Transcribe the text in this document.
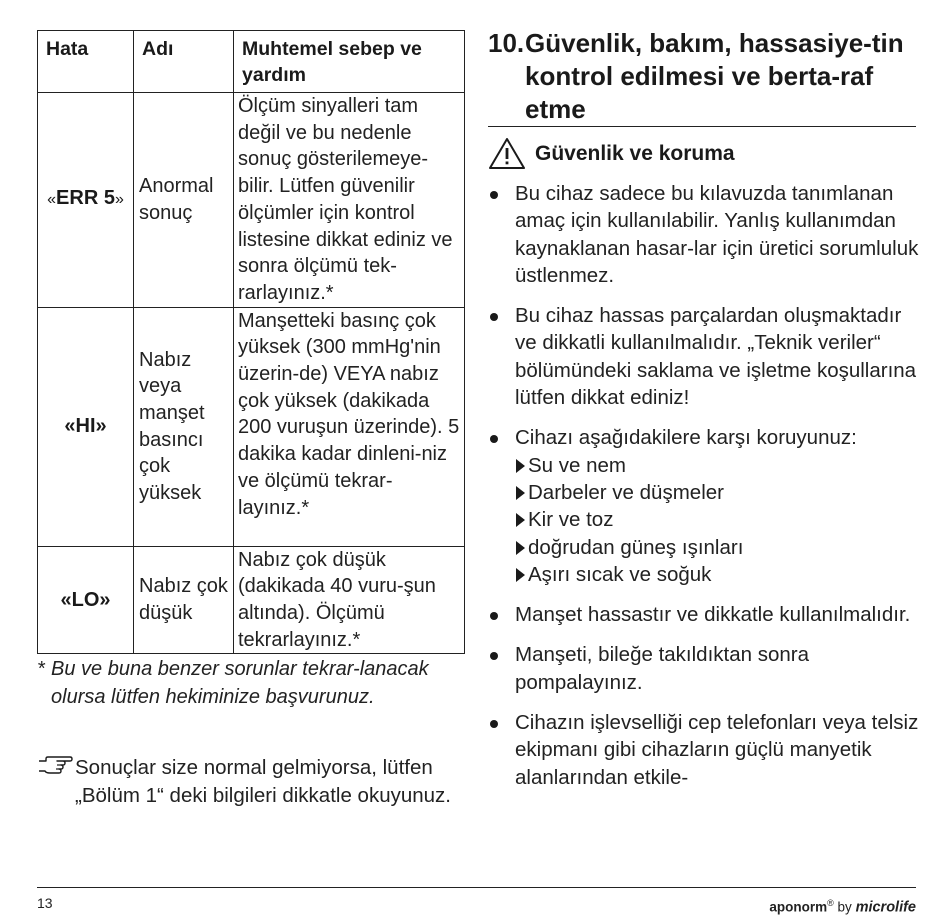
Hata	Adı	Muhtemel sebep ve yardım
«ERR 5»	Anormal sonuç	Ölçüm sinyalleri tam değil ve bu nedenle sonuç gösterilemeye-bilir. Lütfen güvenilir ölçümler için kontrol listesine dikkat ediniz ve sonra ölçümü tek-rarlayınız.*
«HI»	Nabız veya manşet basıncı çok yüksek	Manşetteki basınç çok yüksek (300 mmHg'nin üzerin-de) VEYA nabız çok yüksek (dakikada 200 vuruşun üzerinde). 5 dakika kadar dinleni-niz ve ölçümü tekrar-layınız.*
«LO»	Nabız çok düşük	Nabız çok düşük (dakikada 40 vuru-şun altında). Ölçümü tekrarlayınız.*
* Bu ve buna benzer sorunlar tekrar-lanacak olursa lütfen hekiminize başvurunuz.
Sonuçlar size normal gelmiyorsa, lütfen „Bölüm 1“ deki bilgileri dikkatle okuyunuz.
10. Güvenlik, bakım, hassasiye-tin kontrol edilmesi ve berta-raf etme
Güvenlik ve koruma
Bu cihaz sadece bu kılavuzda tanımlanan amaç için kullanılabilir. Yanlış kullanımdan kaynaklanan hasar-lar için üretici sorumluluk üstlenmez.
Bu cihaz hassas parçalardan oluşmaktadır ve dikkatli kullanılmalıdır. „Teknik veriler“ bölümündeki saklama ve işletme koşullarına lütfen dikkat ediniz!
Cihazı aşağıdakilere karşı koruyunuz:
Su ve nem
Darbeler ve düşmeler
Kir ve toz
doğrudan güneş ışınları
Aşırı sıcak ve soğuk
Manşet hassastır ve dikkatle kullanılmalıdır.
Manşeti, bileğe takıldıktan sonra pompalayınız.
Cihazın işlevselliği cep telefonları veya telsiz ekipmanı gibi cihazların güçlü manyetik alanlarından etkile-
13	aponorm® by microlife
